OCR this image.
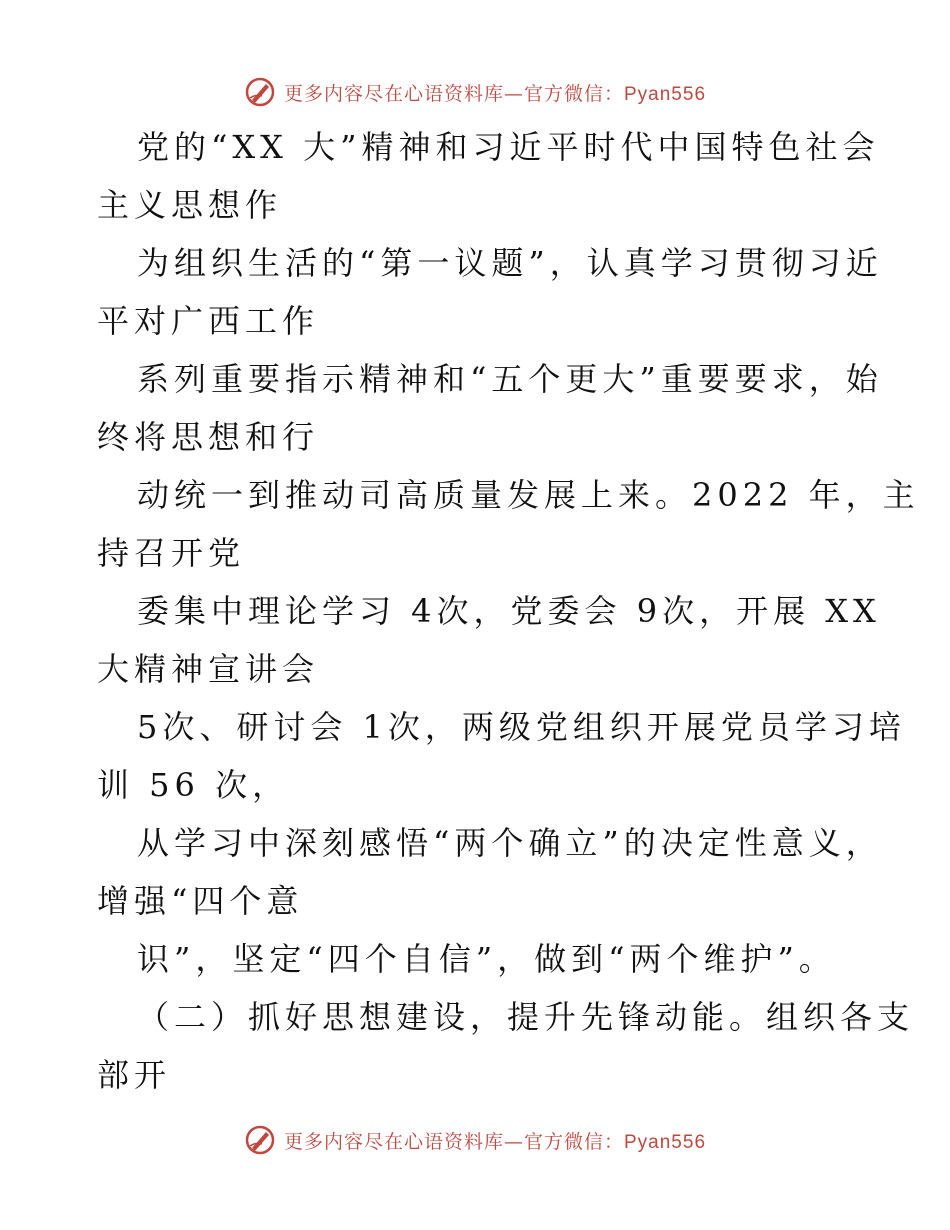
更多内容尽在心语资料库—官方微信：Pyan556
党的“XX 大”精神和习近平时代中国特色社会
主义思想作
为组织生活的“第一议题”，认真学习贯彻习近
平对广西工作
系列重要指示精神和“五个更大”重要要求，始
终将思想和行
动统一到推动司高质量发展上来。2022 年，主
持召开党
委集中理论学习 4次，党委会 9次，开展 XX
大精神宣讲会
5次、研讨会 1次，两级党组织开展党员学习培
训 56 次，
从学习中深刻感悟“两个确立”的决定性意义，
增强“四个意
识”，坚定“四个自信”，做到“两个维护”。
（二）抓好思想建设，提升先锋动能。组织各支
部开
更多内容尽在心语资料库—官方微信：Pyan556
